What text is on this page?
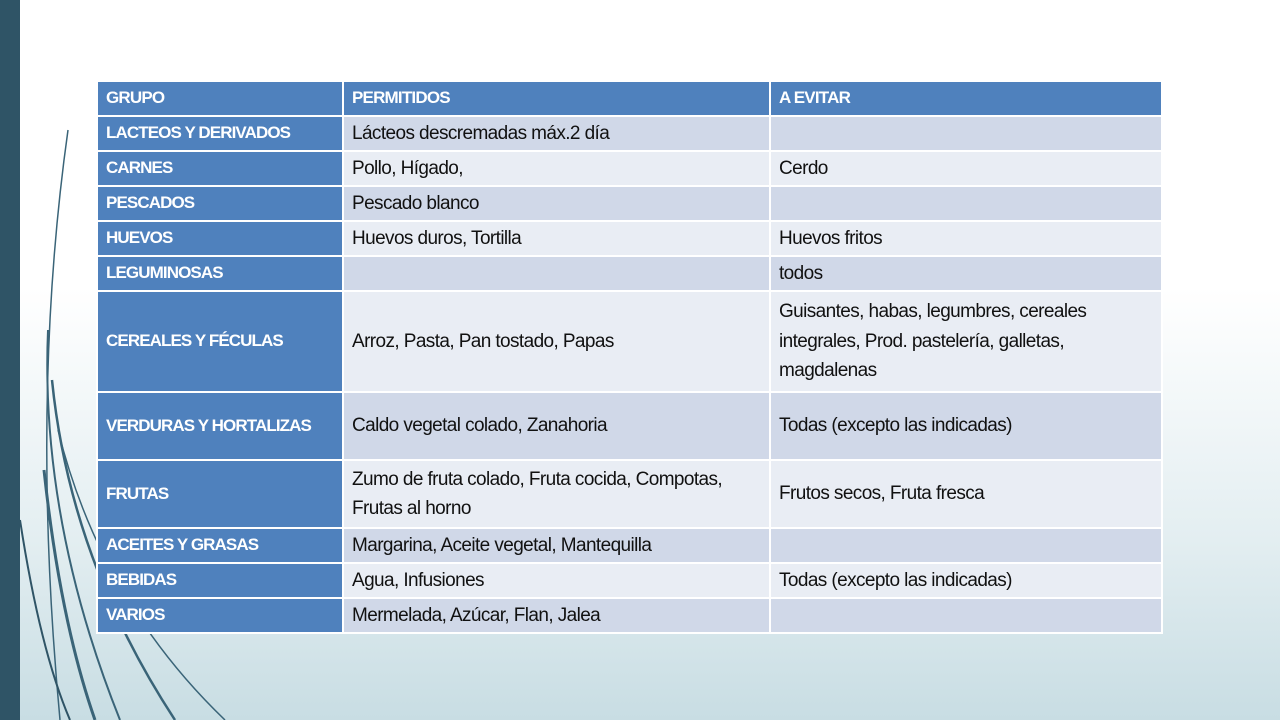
GRUPO	PERMITIDOS	A EVITAR
LACTEOS Y DERIVADOS	Lácteos descremadas máx.2 día	
CARNES	Pollo, Hígado,	Cerdo
PESCADOS	Pescado blanco	
HUEVOS	Huevos duros, Tortilla	Huevos fritos
LEGUMINOSAS		todos
CEREALES Y FÉCULAS	Arroz, Pasta, Pan tostado, Papas	Guisantes, habas, legumbres, cereales integrales, Prod. pastelería, galletas, magdalenas
VERDURAS Y HORTALIZAS	Caldo vegetal colado, Zanahoria	Todas (excepto las indicadas)
FRUTAS	Zumo de fruta colado, Fruta cocida, Compotas, Frutas al horno	Frutos secos, Fruta fresca
ACEITES Y GRASAS	Margarina, Aceite vegetal, Mantequilla	
BEBIDAS	Agua, Infusiones	Todas (excepto las indicadas)
VARIOS	Mermelada, Azúcar, Flan, Jalea	
